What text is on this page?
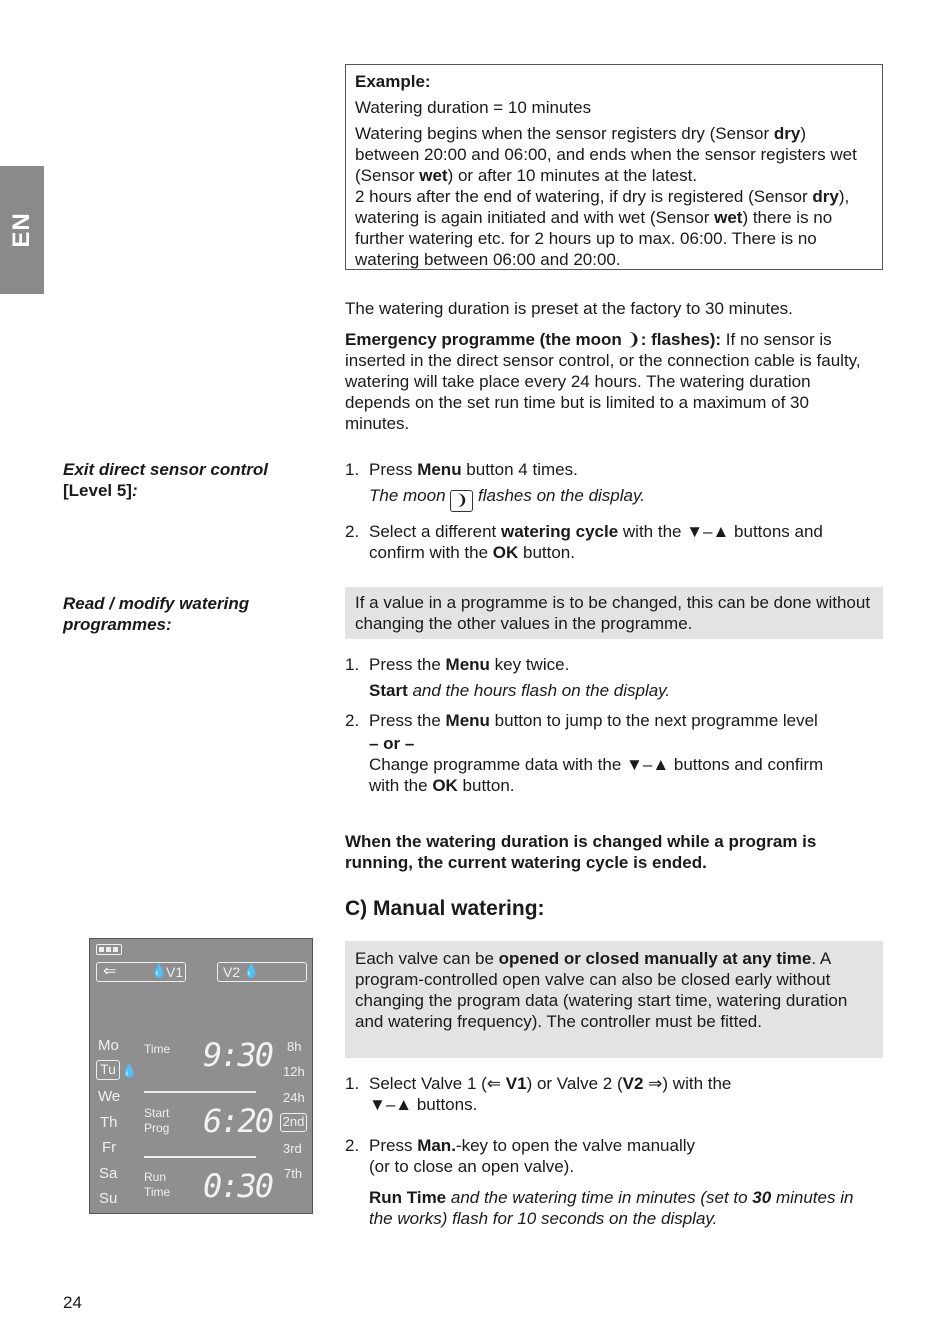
EN

Example:

Watering duration = 10 minutes

Watering begins when the sensor registers dry (Sensor dry) between 20:00 and 06:00, and ends when the sensor registers wet (Sensor wet) or after 10 minutes at the latest.

2 hours after the end of watering, if dry is registered (Sensor dry), watering is again initiated and with wet (Sensor wet) there is no further watering etc. for 2 hours up to max. 06:00. There is no watering between 06:00 and 20:00.

The watering duration is preset at the factory to 30 minutes.

Emergency programme (the moon ❩: flashes): If no sensor is inserted in the direct sensor control, or the connection cable is faulty, watering will take place every 24 hours. The watering duration depends on the set run time but is limited to a maximum of 30 minutes.

Exit direct sensor control
[Level 5]:
1. Press Menu button 4 times.
The moon ❩ flashes on the display.
2. Select a different watering cycle with the ▼–▲ buttons and confirm with the OK button.
Read / modify watering
programmes:

If a value in a programme is to be changed, this can be done without changing the other values in the programme.

1. Press the Menu key twice.
Start and the hours flash on the display.
2. Press the Menu button to jump to the next programme level
– or –
Change programme data with the ▼–▲ buttons and confirm with the OK button.

When the watering duration is changed while a program is running, the current watering cycle is ended.

C) Manual watering:

Each valve can be opened or closed manually at any time. A program-controlled open valve can also be closed early without changing the program data (watering start time, watering duration and watering frequency). The controller must be fitted.

1. Select Valve 1 (⇐ V1) or Valve 2 (V2 ⇒) with the
▼–▲ buttons.
2. Press Man.-key to open the valve manually
(or to close an open valve).
Run Time and the watering time in minutes (set to 30 minutes in the works) flash for 10 seconds on the display.
⇐	💧
V1	V2 💧
Mo
Tu 💧
We
Th
Fr
Sa
Su
Time 9:30
Start
Prog 6:20
Run
Time 0:30
8h
12h
24h
2nd
3rd
7th
24
